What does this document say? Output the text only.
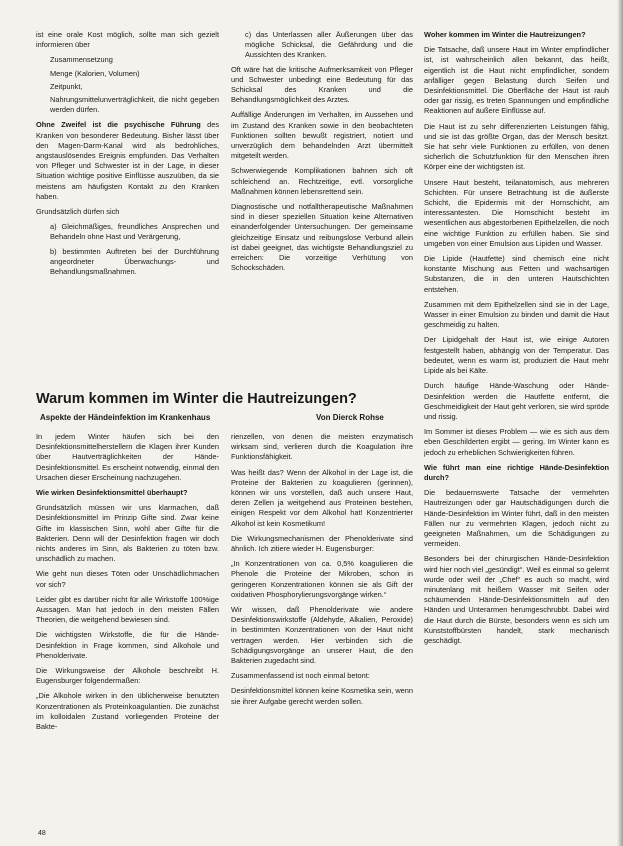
ist eine orale Kost möglich, sollte man sich gezielt informieren über

Zusammensetzung
Menge (Kalorien, Volumen)
Zeitpunkt,
Nahrungsmittelunverträglichkeit, die nicht gegeben werden dürfen.

Ohne Zweifel ist die psychische Führung des Kranken von besonderer Bedeutung. Bisher lässt über den Magen-Darm-Kanal wird als bedrohliches, angstauslösendes Ereignis empfunden. Das Verhalten von Pfleger und Schwester ist in der Lage, in dieser Situation wichtige positive Einflüsse auszuüben, da sie meistens am häufigsten Kontakt zu den Kranken haben.

Grundsätzlich dürfen sich

a) Gleichmäßiges, freundliches Ansprechen und Behandeln ohne Hast und Verärgerung,

b) bestimmten Auftreten bei der Durchführung angeordneter Überwachungs- und Behandlungsmaßnahmen.

c) das Unterlassen aller Äußerungen über das mögliche Schicksal, die Gefährdung und die Aussichten des Kranken.

Oft wäre hat die kritische Aufmerksamkeit von Pfleger und Schwester unbedingt eine Bedeutung für das Schicksal des Kranken und die Behandlungsmöglichkeit des Arztes.

Auffällige Änderungen im Verhalten, im Aussehen und im Zustand des Kranken sowie in den beobachteten Funktionen sollten bewußt registriert, notiert und unverzüglich dem behandelnden Arzt übermittelt mitgeteilt werden.

Schwerwiegende Komplikationen bahnen sich oft schleichend an. Rechtzeitige, evtl. vorsorgliche Maßnahmen können lebensrettend sein.

Diagnostische und notfalltherapeutische Maßnahmen sind in dieser speziellen Situation keine Alternativen einanderfolgender Untersuchungen. Der gemeinsame gleichzeitige Einsatz und reibungslose Verbund allein ist dabei geeignet, das wichtigste Behandlungsziel zu erreichen: Die vorzeitige Verhütung von Schockschäden.

Woher kommen im Winter die Hautreizungen?

Die Tatsache, daß unsere Haut im Winter empfindlicher ist, ist wahrscheinlich allen bekannt, das heißt, eigentlich ist die Haut nicht empfindlicher, sondern anfälliger gegen Belastung durch Seifen und Desinfektionsmittel. Die Oberfläche der Haut ist rauh oder gar rissig, es treten Spannungen und empfindliche Reaktionen auf äußere Einflüsse auf.

Die Haut ist zu sehr differenzierten Leistungen fähig, und sie ist das größte Organ, das der Mensch besitzt. Sie hat sehr viele Funktionen zu erfüllen, von denen sicherlich die Schutzfunktion für den Menschen ihren Körper eine der wichtigsten ist.

Unsere Haut besteht, teilanatomisch, aus mehreren Schichten. Für unsere Betrachtung ist die äußerste Schicht, die Epidermis mit der Hornschicht, am interessantesten. Die Hornschicht besteht im wesentlichen aus abgestorbenen Epithelzellen, die noch eine wichtige Funktion zu erfüllen haben. Sie sind umgeben von einer Emulsion aus Lipiden und Wasser.

Die Lipide (Hautfette) sind chemisch eine nicht konstante Mischung aus Fetten und wachsartigen Substanzen, die in den unteren Hautschichten entstehen.

Zusammen mit dem Epithelzellen sind sie in der Lage, Wasser in einer Emulsion zu binden und damit die Haut geschmeidig zu halten.

Der Lipidgehalt der Haut ist, wie einige Autoren festgestellt haben, abhängig von der Temperatur. Das bedeutet, wenn es warm ist, produziert die Haut mehr Lipide als bei Kälte.

Durch häufige Hände-Waschung oder Hände-Desinfektion werden die Hautfette entfernt, die Geschmeidigkeit der Haut geht verloren, sie wird spröde und rissig.

Im Sommer ist dieses Problem — wie es sich aus dem eben Geschilderten ergibt — gering. Im Winter kann es jedoch zu erheblichen Schwierigkeiten führen.

Wie führt man eine richtige Hände-Desinfektion durch?

Die bedauernswerte Tatsache der vermehrten Hautreizungen oder gar Hautschädigungen durch die Hände-Desinfektion im Winter führt, daß in den meisten Fällen nur zu vermehrten Klagen, jedoch nicht zu geeigneten Maßnahmen, um die Schädigungen zu vermeiden.

Besonders bei der chirurgischen Hände-Desinfektion wird hier noch viel „gesündigt“. Weil es einmal so gelernt wurde oder weil der „Chef“ es auch so macht, wird minutenlang mit heißem Wasser mit Seifen oder schäumenden Hände-Desinfektionsmitteln auf den Händen und Unterarmen herumgeschrubbt. Dabei wird die Haut durch die Bürste, besonders wenn es sich um Kunststoffbürsten handelt, stark mechanisch geschädigt.

Warum kommen im Winter die Hautreizungen?
Aspekte der Händeinfektion im Krankenhaus	Von Dierck Rohse

In jedem Winter häufen sich bei den Desinfektionsmittelherstellern die Klagen ihrer Kunden über Hautverträglichkeiten der Hände-Desinfektionsmittel. Es erscheint notwendig, einmal den Ursachen dieser Erscheinung nachzugehen.

Wie wirken Desinfektionsmittel überhaupt?

Grundsätzlich müssen wir uns klarmachen, daß Desinfektionsmittel im Prinzip Gifte sind. Zwar keine Gifte im klassischen Sinn, wohl aber Gifte für die Bakterien. Denn will der Desinfektion fragen wir doch nichts anderes im Sinn, als Bakterien zu töten bzw. unschädlich zu machen.

Wie geht nun dieses Töten oder Unschädlichmachen vor sich?

Leider gibt es darüber nicht für alle Wirkstoffe 100%ige Aussagen. Man hat jedoch in den meisten Fällen Theorien, die weitgehend bewiesen sind.

Die wichtigsten Wirkstoffe, die für die Hände-Desinfektion in Frage kommen, sind Alkohole und Phenolderivate.

Die Wirkungsweise der Alkohole beschreibt H. Eugensburger folgendermaßen:

„Die Alkohole wirken in den üblicherweise benutzten Konzentrationen als Proteinkoagulantien. Die zunächst im kolloidalen Zustand vorliegenden Proteine der Bakte-

rienzellen, von denen die meisten enzymatisch wirksam sind, verlieren durch die Koagulation ihre Funktionsfähigkeit.

Was heißt das? Wenn der Alkohol in der Lage ist, die Proteine der Bakterien zu koagulieren (gerinnen), können wir uns vorstellen, daß auch unsere Haut, deren Zellen ja weitgehend aus Proteinen bestehen, einigen Respekt vor dem Alkohol hat! Konzentrierter Alkohol ist kein Kosmetikum!

Die Wirkungsmechanismen der Phenolderivate sind ähnlich. Ich zitiere wieder H. Eugensburger:

„In Konzentrationen von ca. 0,5% koagulieren die Phenole die Proteine der Mikroben, schon in geringeren Konzentrationen können sie als Gift der oxidativen Phosphorylierungsvorgänge wirken.“

Wir wissen, daß Phenolderivate wie andere Desinfektionswirkstoffe (Aldehyde, Alkalien, Peroxide) in bestimmten Konzentrationen von der Haut nicht vertragen werden. Hier verbinden sich die Schädigungsvorgänge an unserer Haut, die den Bakterien zugedacht sind.

Zusammenfassend ist noch einmal betont:

Desinfektionsmittel können keine Kosmetika sein, wenn sie ihrer Aufgabe gerecht werden sollen.

48
